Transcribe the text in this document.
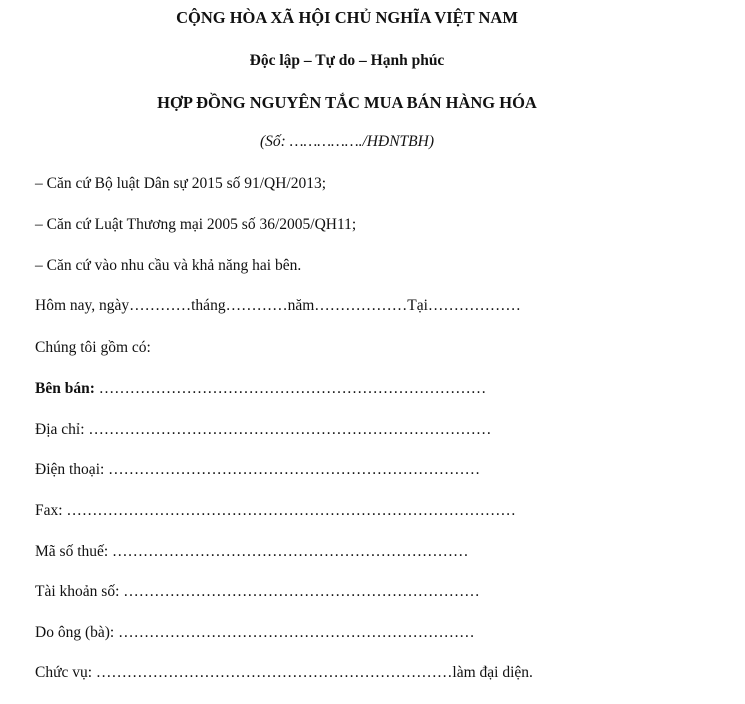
CỘNG HÒA XÃ HỘI CHỦ NGHĨA VIỆT NAM
Độc lập – Tự do – Hạnh phúc
HỢP ĐỒNG NGUYÊN TẮC MUA BÁN HÀNG HÓA
(Số: ……………./HĐNTBH)
– Căn cứ Bộ luật Dân sự 2015 số 91/QH/2013;
– Căn cứ Luật Thương mại 2005 số 36/2005/QH11;
– Căn cứ vào nhu cầu và khả năng hai bên.
Hôm nay, ngày…………tháng…………năm………………Tại………………
Chúng tôi gồm có:
Bên bán: …………………………………………………………………
Địa chỉ: ……………………………………………………………………
Điện thoại: ………………………………………………………………
Fax: ……………………………………………………………………………
Mã số thuế: ……………………………………………………………
Tài khoản số: ……………………………………………………………
Do ông (bà): ……………………………………………………………
Chức vụ: ……………………………………………………………làm đại diện.
